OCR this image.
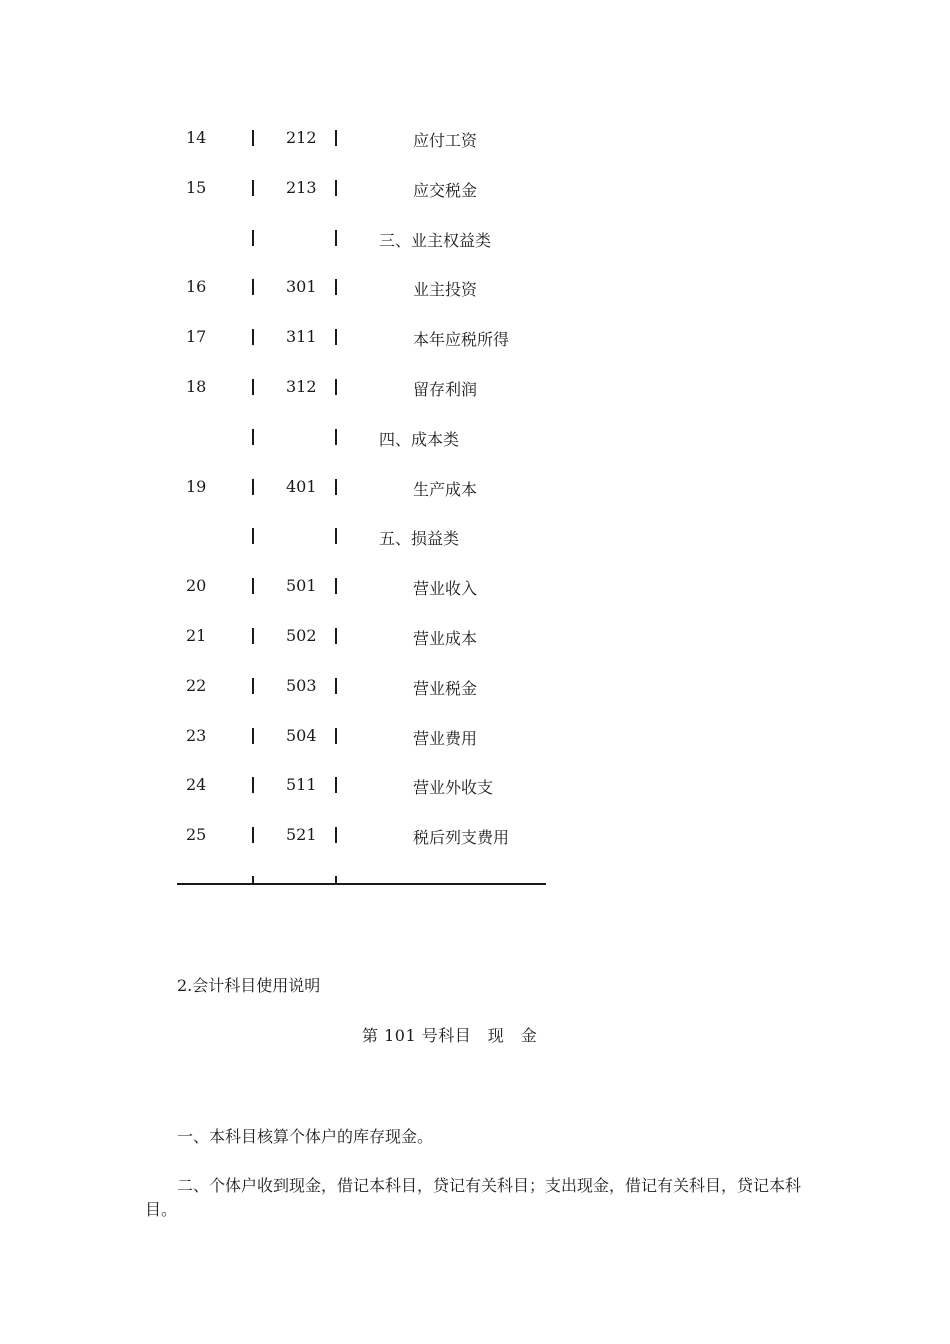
14	212	应付工资
15	213	应交税金
三、业主权益类
16	301	业主投资
17	311	本年应税所得
18	312	留存利润
四、成本类
19	401	生产成本
五、损益类
20	501	营业收入
21	502	营业成本
22	503	营业税金
23	504	营业费用
24	511	营业外收支
25	521	税后列支费用

2.会计科目使用说明

第 101 号科目　现　金

一、本科目核算个体户的库存现金。

二、个体户收到现金，借记本科目，贷记有关科目；支出现金，借记有关科目，贷记本科目。
